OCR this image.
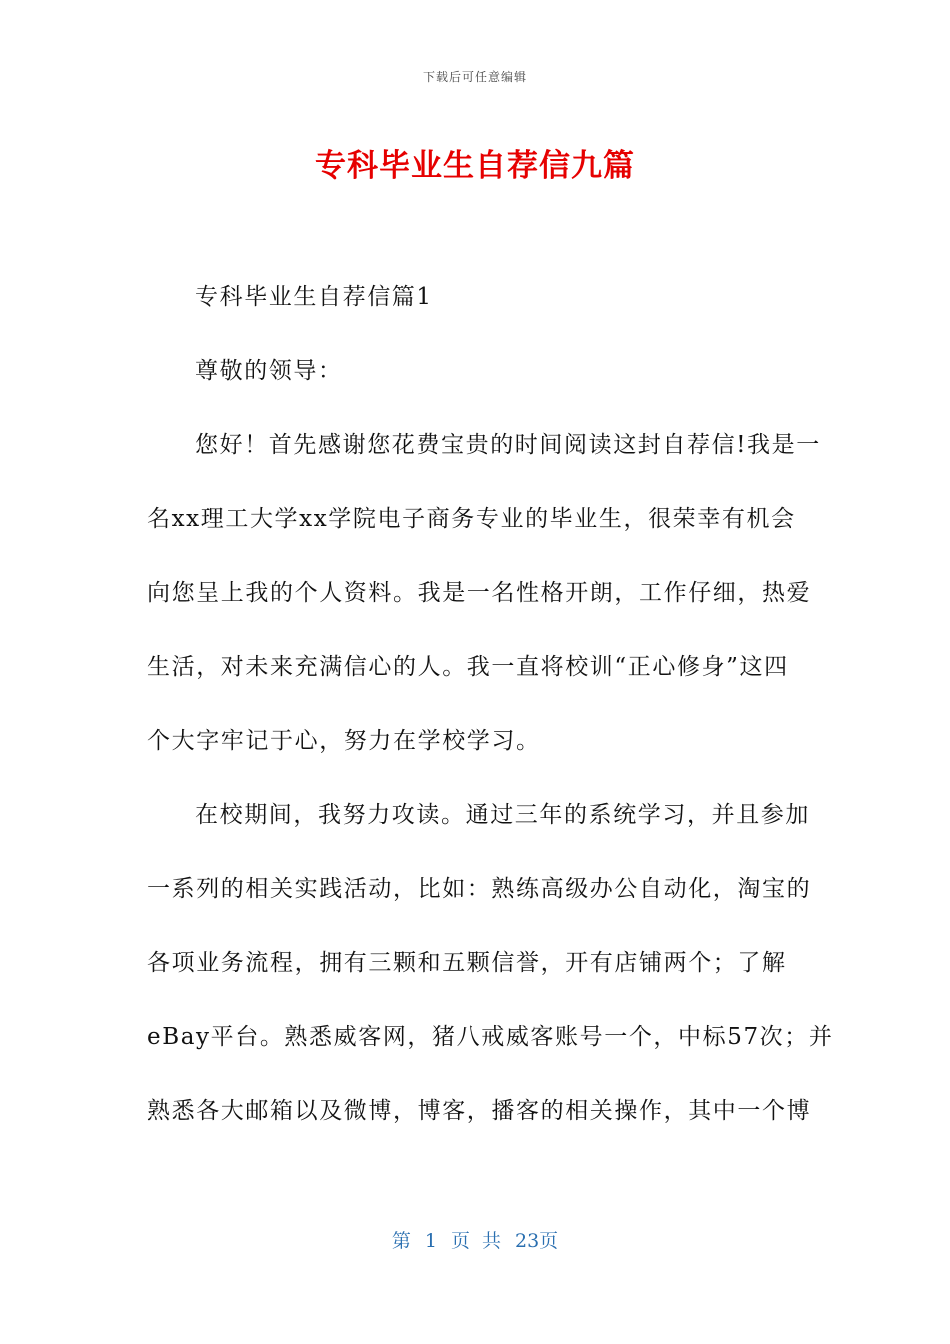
下载后可任意编辑
专科毕业生自荐信九篇
专科毕业生自荐信篇1
尊敬的领导：
您好！首先感谢您花费宝贵的时间阅读这封自荐信!我是一
名xx理工大学xx学院电子商务专业的毕业生，很荣幸有机会
向您呈上我的个人资料。我是一名性格开朗，工作仔细，热爱
生活，对未来充满信心的人。我一直将校训“正心修身”这四
个大字牢记于心，努力在学校学习。
在校期间，我努力攻读。通过三年的系统学习，并且参加
一系列的相关实践活动，比如：熟练高级办公自动化，淘宝的
各项业务流程，拥有三颗和五颗信誉，开有店铺两个；了解
eBay平台。熟悉威客网，猪八戒威客账号一个，中标57次；并
熟悉各大邮箱以及微博，博客，播客的相关操作，其中一个博
第 1 页 共 23页
